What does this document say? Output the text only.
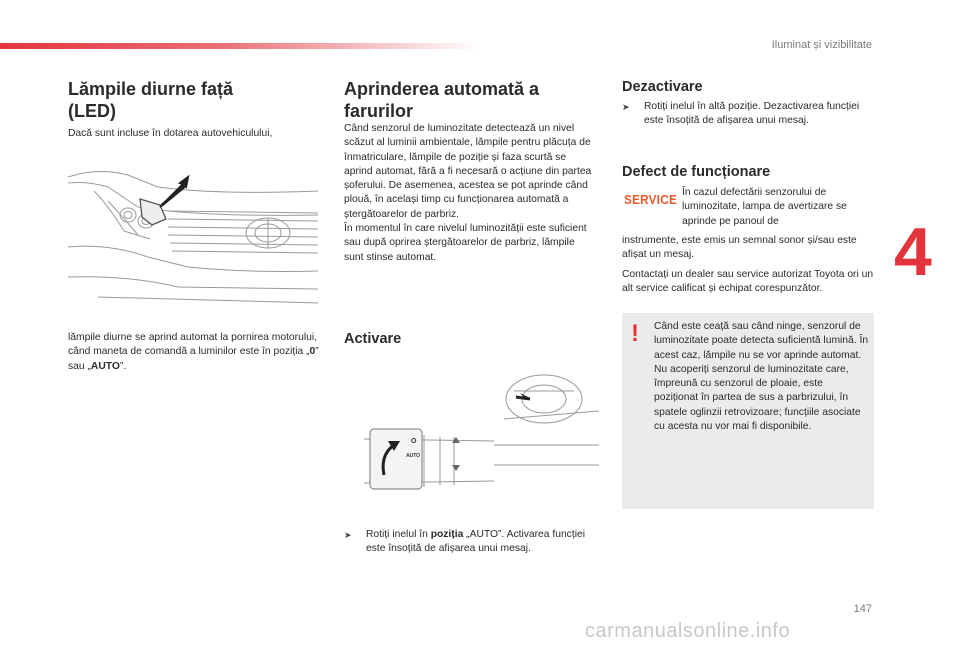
Iluminat și vizibilitate
4
Lămpile diurne față
(LED)
Dacă sunt incluse în dotarea autovehiculului,
lămpile diurne se aprind automat la pornirea motorului, când maneta de comandă a luminilor este în poziția „0” sau „AUTO”.
Aprinderea automată a
farurilor
Când senzorul de luminozitate detectează un nivel scăzut al luminii ambientale, lămpile pentru plăcuța de înmatriculare, lămpile de poziție și faza scurtă se aprind automat, fără a fi necesară o acțiune din partea șoferului. De asemenea, acestea se pot aprinde când plouă, în același timp cu funcționarea automată a ștergătoarelor de parbriz.
În momentul în care nivelul luminozității este suficient sau după oprirea ștergătoarelor de parbriz, lămpile sunt stinse automat.
Activare
O
AUTO
➤	Rotiți inelul în poziția „AUTO”. Activarea funcției este însoțită de afișarea unui mesaj.
Dezactivare
➤	Rotiți inelul în altă poziție. Dezactivarea funcției este însoțită de afișarea unui mesaj.
Defect de funcționare
SERVICE În cazul defectării senzorului de luminozitate, lampa de avertizare se aprinde pe panoul de
instrumente, este emis un semnal sonor și/sau este afișat un mesaj.
Contactați un dealer sau service autorizat Toyota ori un alt service calificat și echipat corespunzător.
! Când este ceață sau când ninge, senzorul de luminozitate poate detecta suficientă lumină. În acest caz, lămpile nu se vor aprinde automat.
Nu acoperiți senzorul de luminozitate care, împreună cu senzorul de ploaie, este poziționat în partea de sus a parbrizului, în spatele oglinzii retrovizoare; funcțiile asociate cu acesta nu vor mai fi disponibile.
147
carmanualsonline.info
